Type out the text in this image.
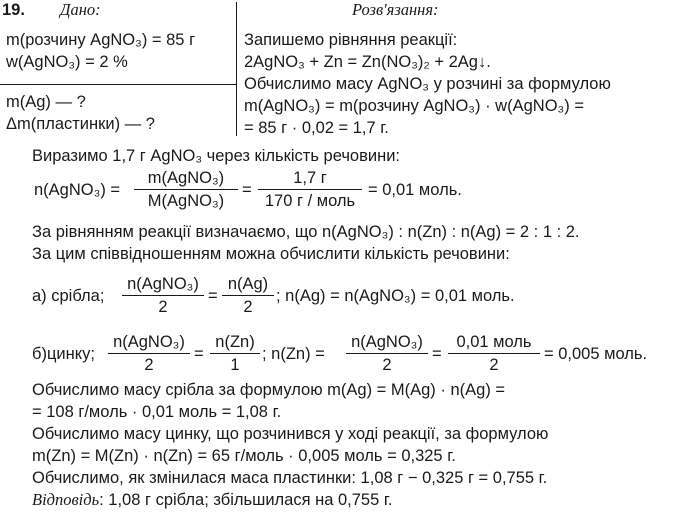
19. Дано:	Розв'язання:
m(розчину AgNO₃) = 85 г
w(AgNO₃) = 2 %
m(Ag) — ?
Δm(пластинки) — ?
Запишемо рівняння реакції:
2AgNO₃ + Zn = Zn(NO₃)₂ + 2Ag↓.
Обчислимо масу AgNO₃ у розчині за формулою
m(AgNO₃) = m(розчину AgNO₃) · w(AgNO₃) =
= 85 г · 0,02 = 1,7 г.
Виразимо 1,7 г AgNO₃ через кількість речовини:
n(AgNO₃) =
m(AgNO₃)
M(AgNO₃)
=
1,7 г
170 г / моль
= 0,01 моль.
За рівнянням реакції визначаємо, що n(AgNO₃) : n(Zn) : n(Ag) = 2 : 1 : 2.
За цим співвідношенням можна обчислити кількість речовини:
а) срібла;
n(AgNO₃)
2
=
n(Ag)
2
; n(Ag) = n(AgNO₃) = 0,01 моль.
б)цинку;
n(AgNO₃)
2
=
n(Zn)
1
; n(Zn) =
n(AgNO₃)
2
=
0,01 моль
2
= 0,005 моль.
Обчислимо масу срібла за формулою m(Ag) = M(Ag) · n(Ag) =
= 108 г/моль · 0,01 моль = 1,08 г.
Обчислимо масу цинку, що розчинився у ході реакції, за формулою
m(Zn) = M(Zn) · n(Zn) = 65 г/моль · 0,005 моль = 0,325 г.
Обчислимо, як змінилася маса пластинки: 1,08 г − 0,325 г = 0,755 г.
Відповідь: 1,08 г срібла; збільшилася на 0,755 г.
